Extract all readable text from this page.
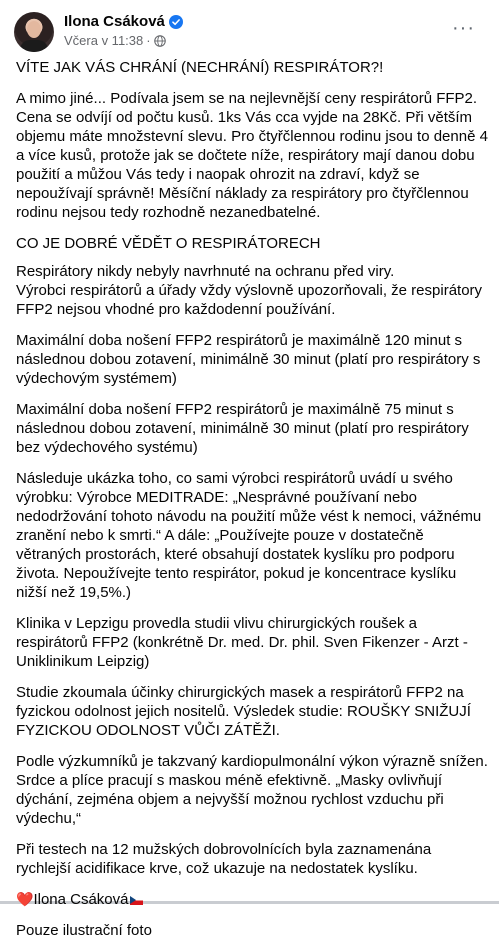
Ilona Csáková
Včera v 11:38 ·
···

VÍTE JAK VÁS CHRÁNÍ (NECHRÁNÍ) RESPIRÁTOR?!

A mimo jiné... Podívala jsem se na nejlevnější ceny respirátorů FFP2. Cena se odvíjí od počtu kusů. 1ks Vás cca vyjde na 28Kč. Při větším objemu máte množstevní slevu. Pro čtyřčlennou rodinu jsou to denně 4 a více kusů, protože jak se dočtete níže, respirátory mají danou dobu použití a můžou Vás tedy i naopak ohrozit na zdraví, když se nepoužívají správně! Měsíční náklady za respirátory pro čtyřčlennou rodinu nejsou tedy rozhodně nezanedbatelné.

CO JE DOBRÉ VĚDĚT O RESPIRÁTORECH

Respirátory nikdy nebyly navrhnuté na ochranu před viry.
Výrobci respirátorů a úřady vždy výslovně upozorňovali, že respirátory FFP2 nejsou vhodné pro každodenní používání.

Maximální doba nošení FFP2 respirátorů je maximálně 120 minut s následnou dobou zotavení, minimálně 30 minut (platí pro respirátory s výdechovým systémem)

Maximální doba nošení FFP2 respirátorů je maximálně 75 minut s následnou dobou zotavení, minimálně 30 minut (platí pro respirátory bez výdechového systému)

Následuje ukázka toho, co sami výrobci respirátorů uvádí u svého výrobku: Výrobce MEDITRADE: „Nesprávné používaní nebo nedodržování tohoto návodu na použití může vést k nemoci, vážnému zranění nebo k smrti.“ A dále: „Používejte pouze v dostatečně větraných prostorách, které obsahují dostatek kyslíku pro podporu života. Nepoužívejte tento respirátor, pokud je koncentrace kyslíku nižší než 19,5%.)

Klinika v Lepzigu provedla studii vlivu chirurgických roušek a respirátorů FFP2 (konkrétně Dr. med. Dr. phil. Sven Fikenzer - Arzt - Uniklinikum Leipzig)

Studie zkoumala účinky chirurgických masek a respirátorů FFP2 na fyzickou odolnost jejich nositelů. Výsledek studie: ROUŠKY SNIŽUJÍ FYZICKOU ODOLNOST VŮČI ZÁTĚŽI.

Podle výzkumníků je takzvaný kardiopulmonální výkon výrazně snížen. Srdce a plíce pracují s maskou méně efektivně. „Masky ovlivňují dýchání, zejména objem a nejvyšší možnou rychlost vzduchu při výdechu,“

Při testech na 12 mužských dobrovolnících byla zaznamenána rychlejší acidifikace krve, což ukazuje na nedostatek kyslíku.

❤️Ilona Csáková

Pouze ilustrační foto
